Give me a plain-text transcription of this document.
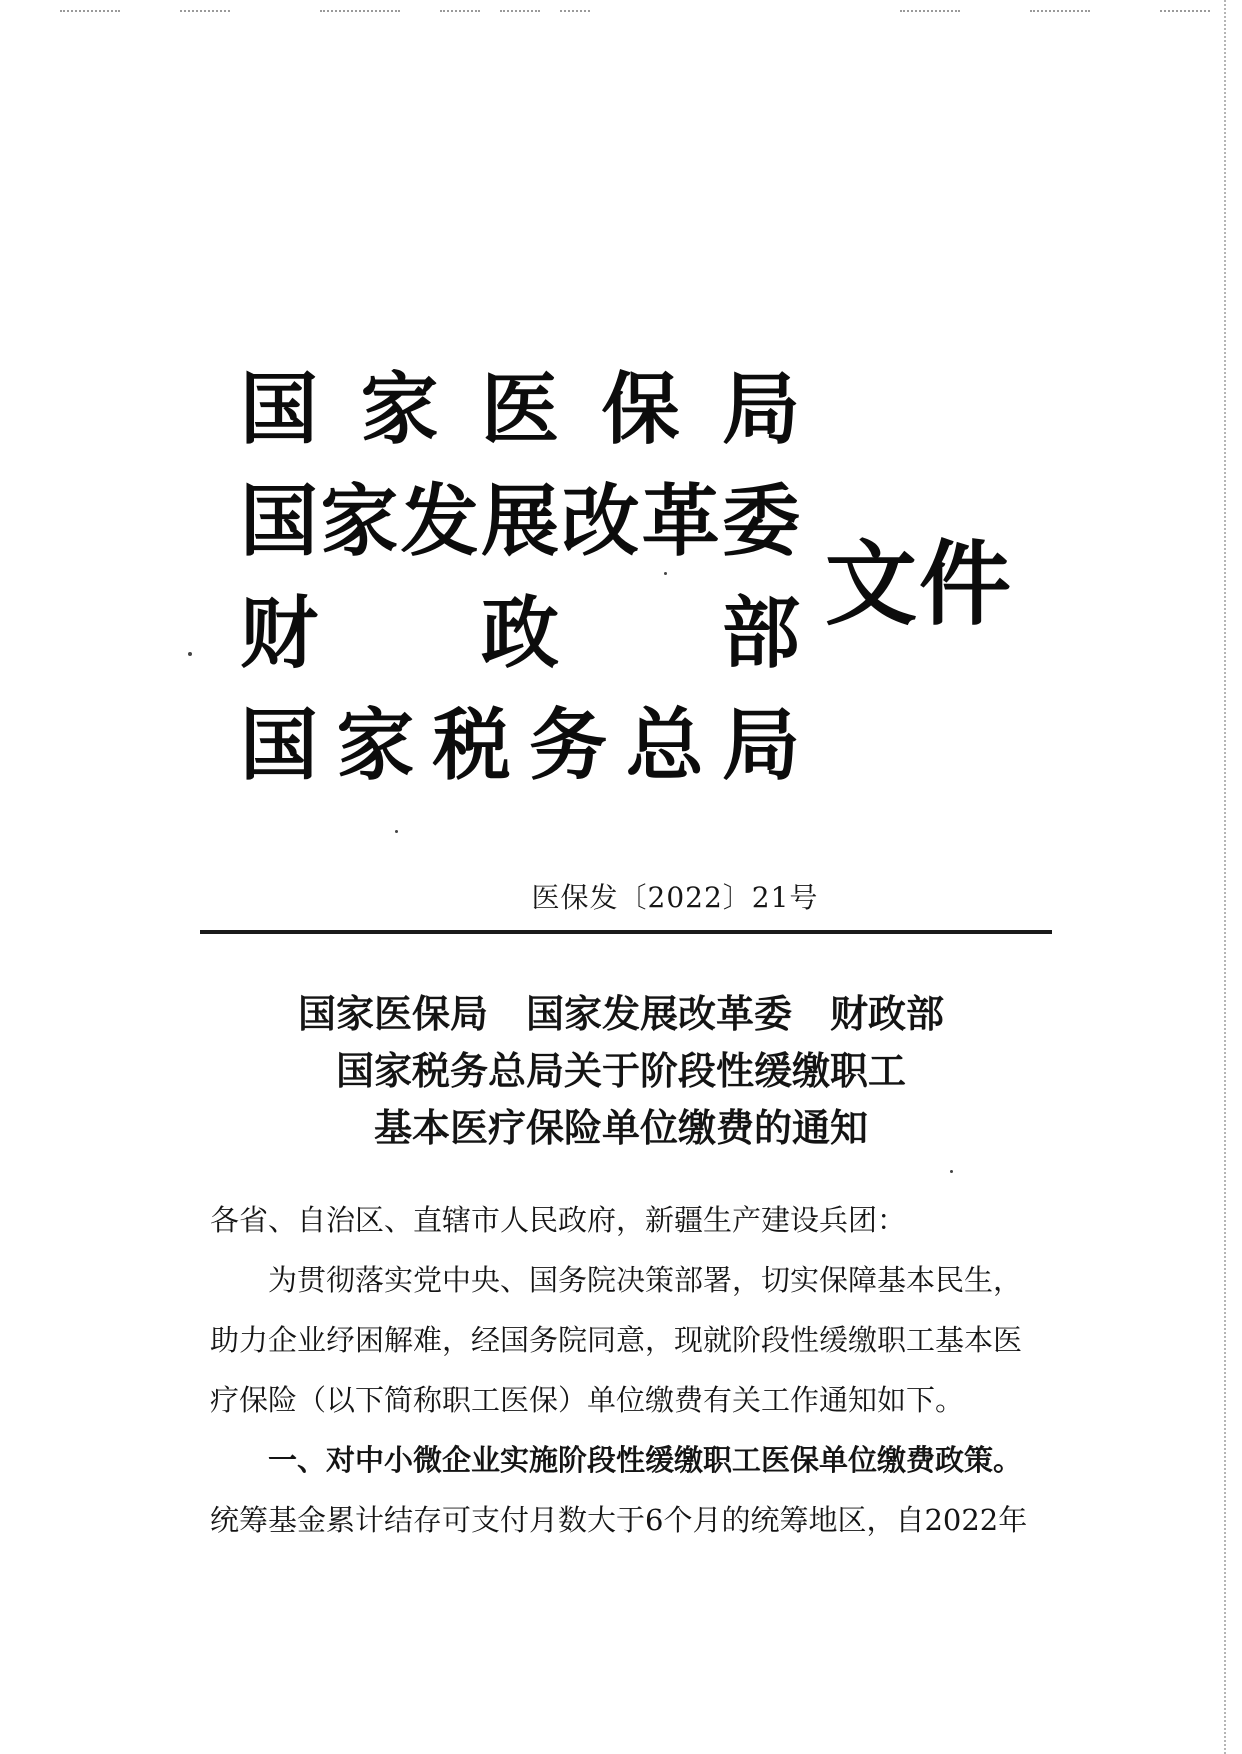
国 家 医 保 局
国 家 发 展 改 革 委
财 政 部
国 家 税 务 总 局
文件
医保发〔2022〕21号
国家医保局　国家发展改革委　财政部
国家税务总局关于阶段性缓缴职工
基本医疗保险单位缴费的通知

各省、自治区、直辖市人民政府，新疆生产建设兵团：

为贯彻落实党中央、国务院决策部署，切实保障基本民生，

助力企业纾困解难，经国务院同意，现就阶段性缓缴职工基本医

疗保险（以下简称职工医保）单位缴费有关工作通知如下。

一、对中小微企业实施阶段性缓缴职工医保单位缴费政策。

统筹基金累计结存可支付月数大于6个月的统筹地区，自2022年
